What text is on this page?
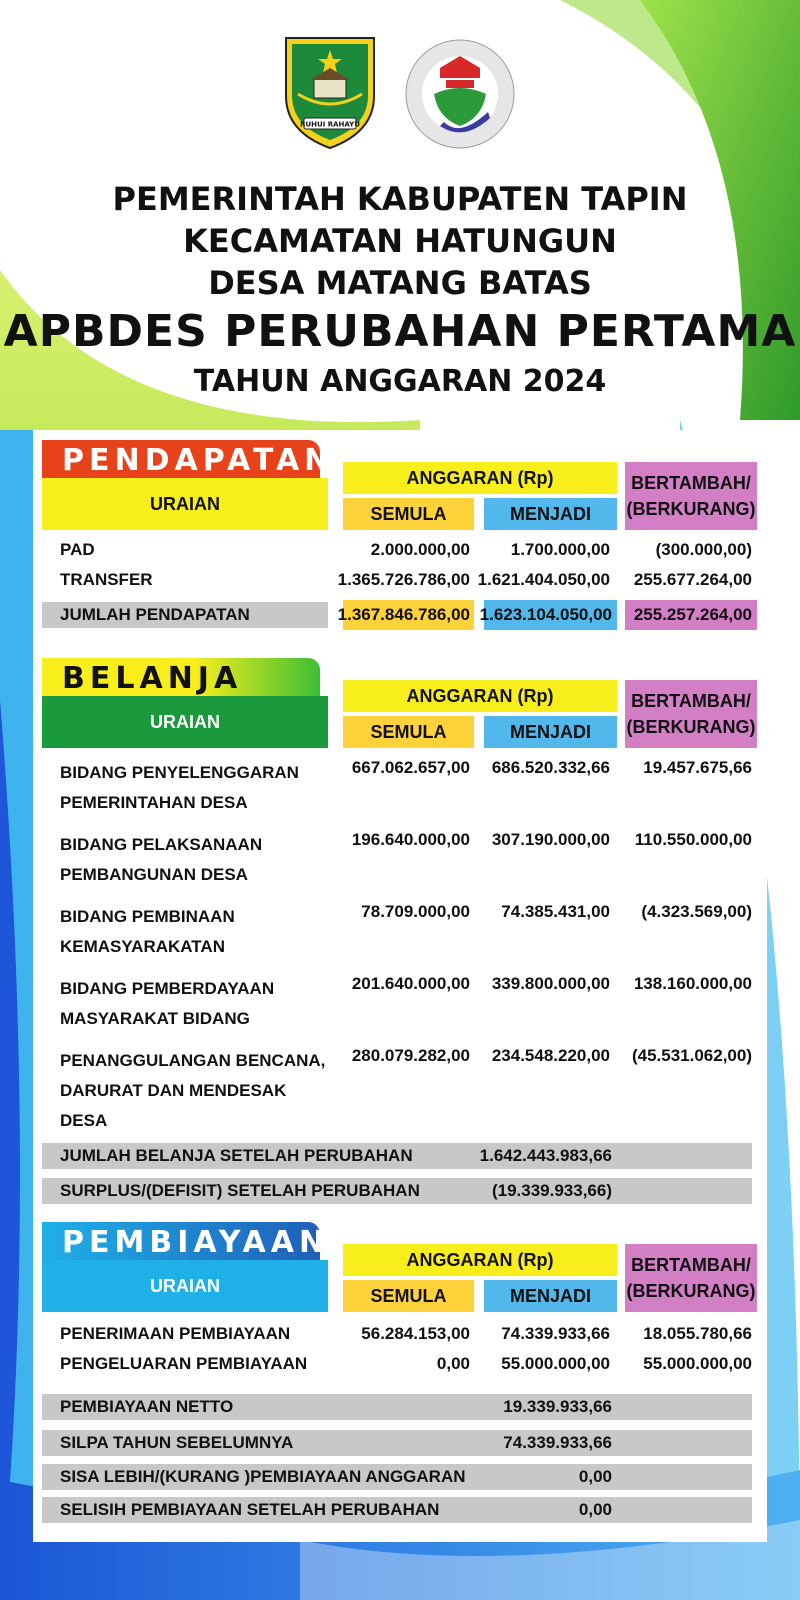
RUHUI RAHAYU
PEMERINTAH KABUPATEN TAPIN
KECAMATAN HATUNGUN
DESA MATANG BATAS
APBDES PERUBAHAN PERTAMA
TAHUN ANGGARAN 2024
PENDAPATAN
URAIAN
ANGGARAN (Rp)
SEMULA	MENJADI
BERTAMBAH/
(BERKURANG)
PAD	2.000.000,00	1.700.000,00	(300.000,00)
TRANSFER	1.365.726.786,00 1.621.404.050,00	255.677.264,00
JUMLAH PENDAPATAN	1.367.846.786,00 1.623.104.050,00	255.257.264,00
BELANJA
URAIAN
ANGGARAN (Rp)
SEMULA	MENJADI
BERTAMBAH/
(BERKURANG)
BIDANG PENYELENGGARAN
PEMERINTAHAN DESA
667.062.657,00	686.520.332,66	19.457.675,66
BIDANG PELAKSANAAN
PEMBANGUNAN DESA
196.640.000,00	307.190.000,00	110.550.000,00
BIDANG PEMBINAAN
KEMASYARAKATAN
78.709.000,00	74.385.431,00	(4.323.569,00)
BIDANG PEMBERDAYAAN
MASYARAKAT BIDANG
201.640.000,00	339.800.000,00	138.160.000,00
PENANGGULANGAN BENCANA,
DARURAT DAN MENDESAK
DESA
280.079.282,00	234.548.220,00	(45.531.062,00)
JUMLAH BELANJA SETELAH PERUBAHAN	1.642.443.983,66
SURPLUS/(DEFISIT) SETELAH PERUBAHAN	(19.339.933,66)
PEMBIAYAAN
URAIAN
ANGGARAN (Rp)
SEMULA	MENJADI
BERTAMBAH/
(BERKURANG)
PENERIMAAN PEMBIAYAAN	56.284.153,00	74.339.933,66	18.055.780,66
PENGELUARAN PEMBIAYAAN	0,00	55.000.000,00	55.000.000,00
PEMBIAYAAN NETTO	19.339.933,66
SILPA TAHUN SEBELUMNYA	74.339.933,66
SISA LEBIH/(KURANG )PEMBIAYAAN ANGGARAN	0,00
SELISIH PEMBIAYAAN SETELAH PERUBAHAN	0,00
